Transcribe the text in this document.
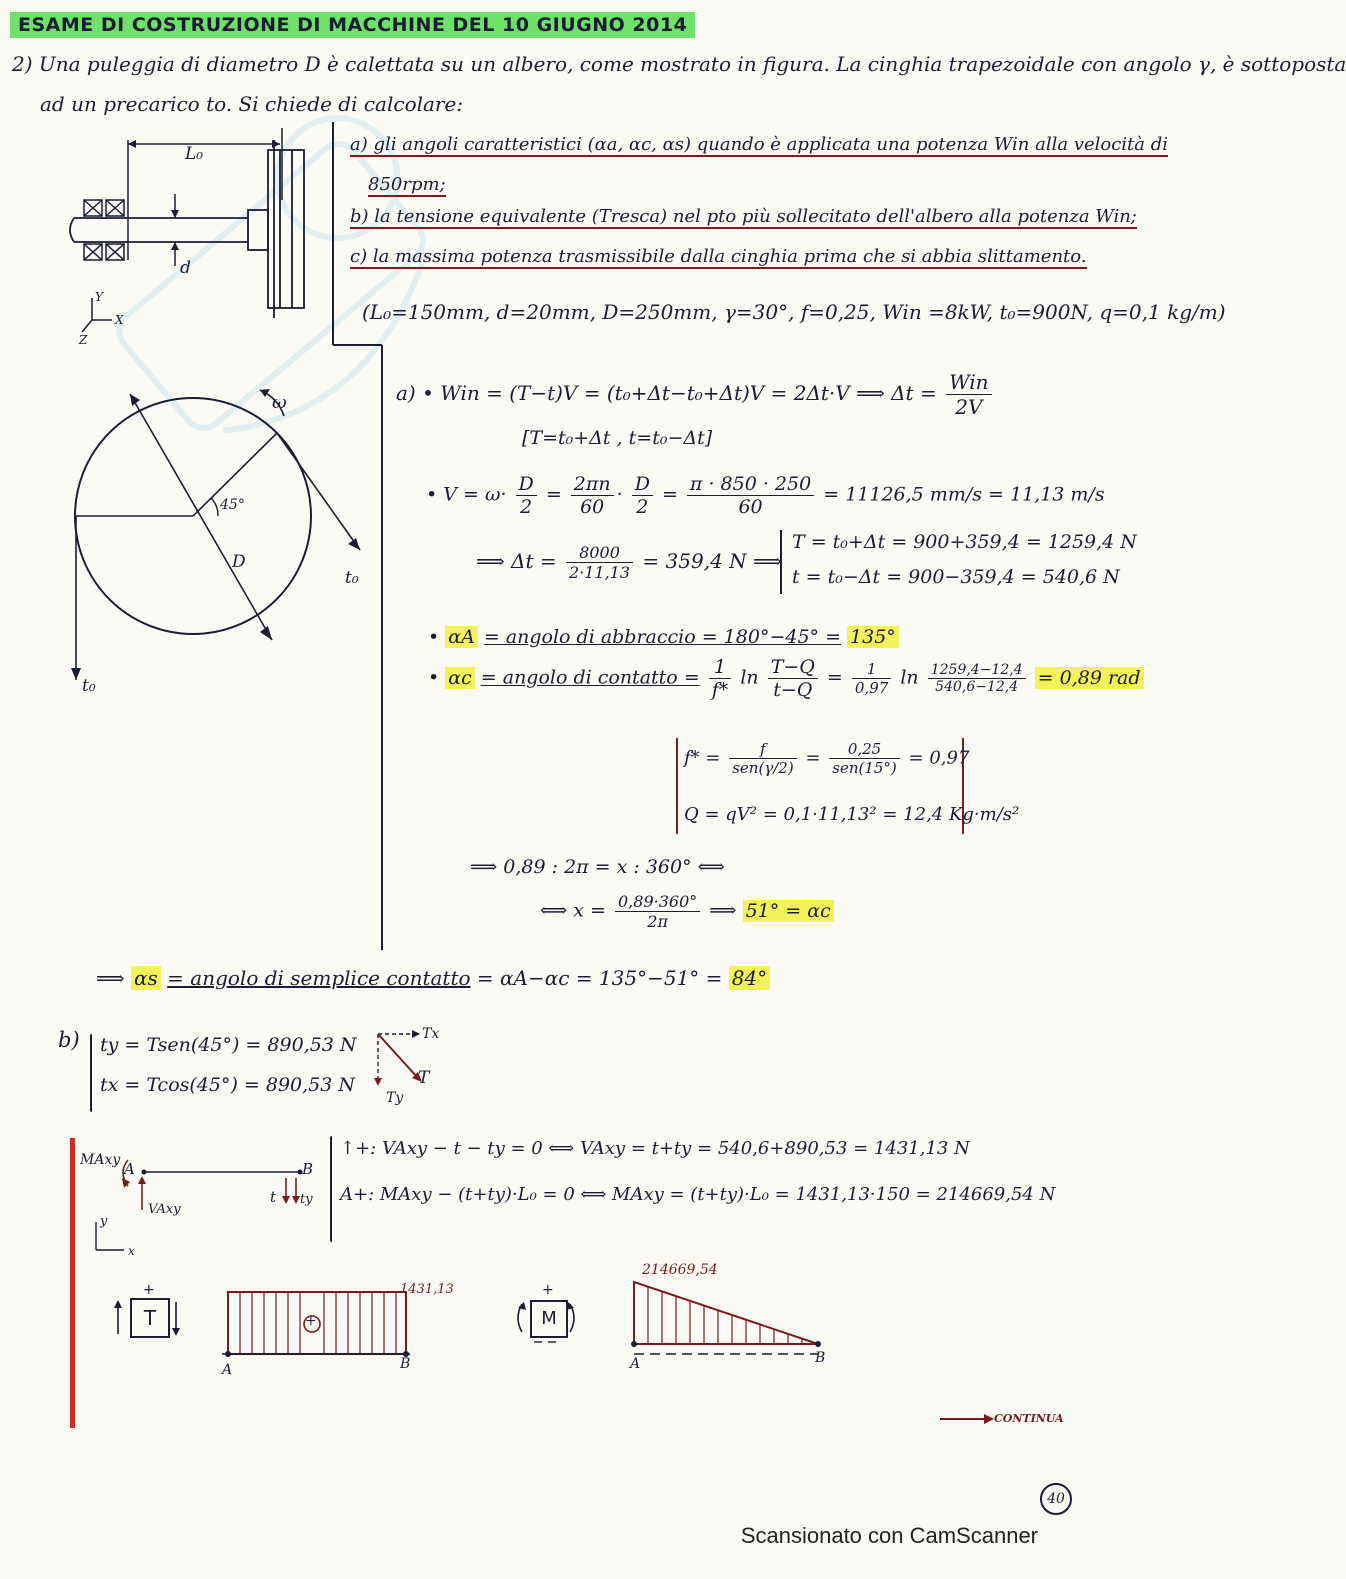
ESAME DI COSTRUZIONE DI MACCHINE DEL 10 GIUGNO 2014
2) Una puleggia di diametro D è calettata su un albero, come mostrato in figura. La cinghia trapezoidale con angolo γ, è sottoposta
ad un precarico to. Si chiede di calcolare:
a) gli angoli caratteristici (αa, αc, αs) quando è applicata una potenza Win alla velocità di
850rpm;
b) la tensione equivalente (Tresca) nel pto più sollecitato dell'albero alla potenza Win;
c) la massima potenza trasmissibile dalla cinghia prima che si abbia slittamento.
(L₀=150mm, d=20mm, D=250mm, γ=30°, f=0,25, Win =8kW, t₀=900N, q=0,1 kg/m)
L₀
d
Y
X
Z
ω
45°
D
t₀
t₀
a) • Win = (T−t)V = (t₀+Δt−t₀+Δt)V = 2Δt·V ⟹ $\Delta t = \frac{\text{Win}}{2V}$
[T=t₀+Δt , t=t₀−Δt]
• $V = \omega\cdot \frac{D}{2} = \frac{2\pi n}{60} \cdot \frac{D}{2} = \frac{\pi \cdot 850 \cdot 250}{60} = 11126,5$ mm/s = 11,13 m/s
⟹ $\Delta t = \frac{8000}{2\cdot 11,13} = 359,4$ N ⟹
T = t₀+Δt = 900+359,4 = 1259,4 N
t = t₀−Δt = 900−359,4 = 540,6 N
• αA = angolo di abbraccio = 180°−45° = 135°
• αc = angolo di contatto = $\frac{1}{f*}$ $\ln \frac{T-Q}{t-Q} = \frac{1}{0,97}$ $\ln \frac{1259,4-12,4}{540,6-12,4} = 0,89$ rad
$f* = \frac{f}{\text{sen(γ/2)}} = \frac{0,25}{\text{sen(15°)}} = 0,97$
Q = qV² = 0,1·11,13² = 12,4 Kg·m/s²
⟹ 0,89 : 2π = x : 360° ⟺
⟺ $x = \frac{0,89\cdot 360^\circ}{2\pi}$ ⟹ 51° = αc
⟹ αs = angolo di semplice contatto = αA−αc = 135°−51° = 84°
b) ty = Tsen(45°) = 890,53 N
tx = Tcos(45°) = 890,53 N
Tx
T
Ty
MAxy A	B
VAxy
t ty
y
x
↑+: VAxy − t − ty = 0 ⟺ VAxy = t+ty = 540,6+890,53 = 1431,13 N
A+: MAxy − (t+ty)·L₀ = 0 ⟺ MAxy = (t+ty)·L₀ = 1431,13·150 = 214669,54 N
T
+
+
1431,13
A	B
M
+
214669,54
A	B
CONTINUA
40
Scansionato con CamScanner
